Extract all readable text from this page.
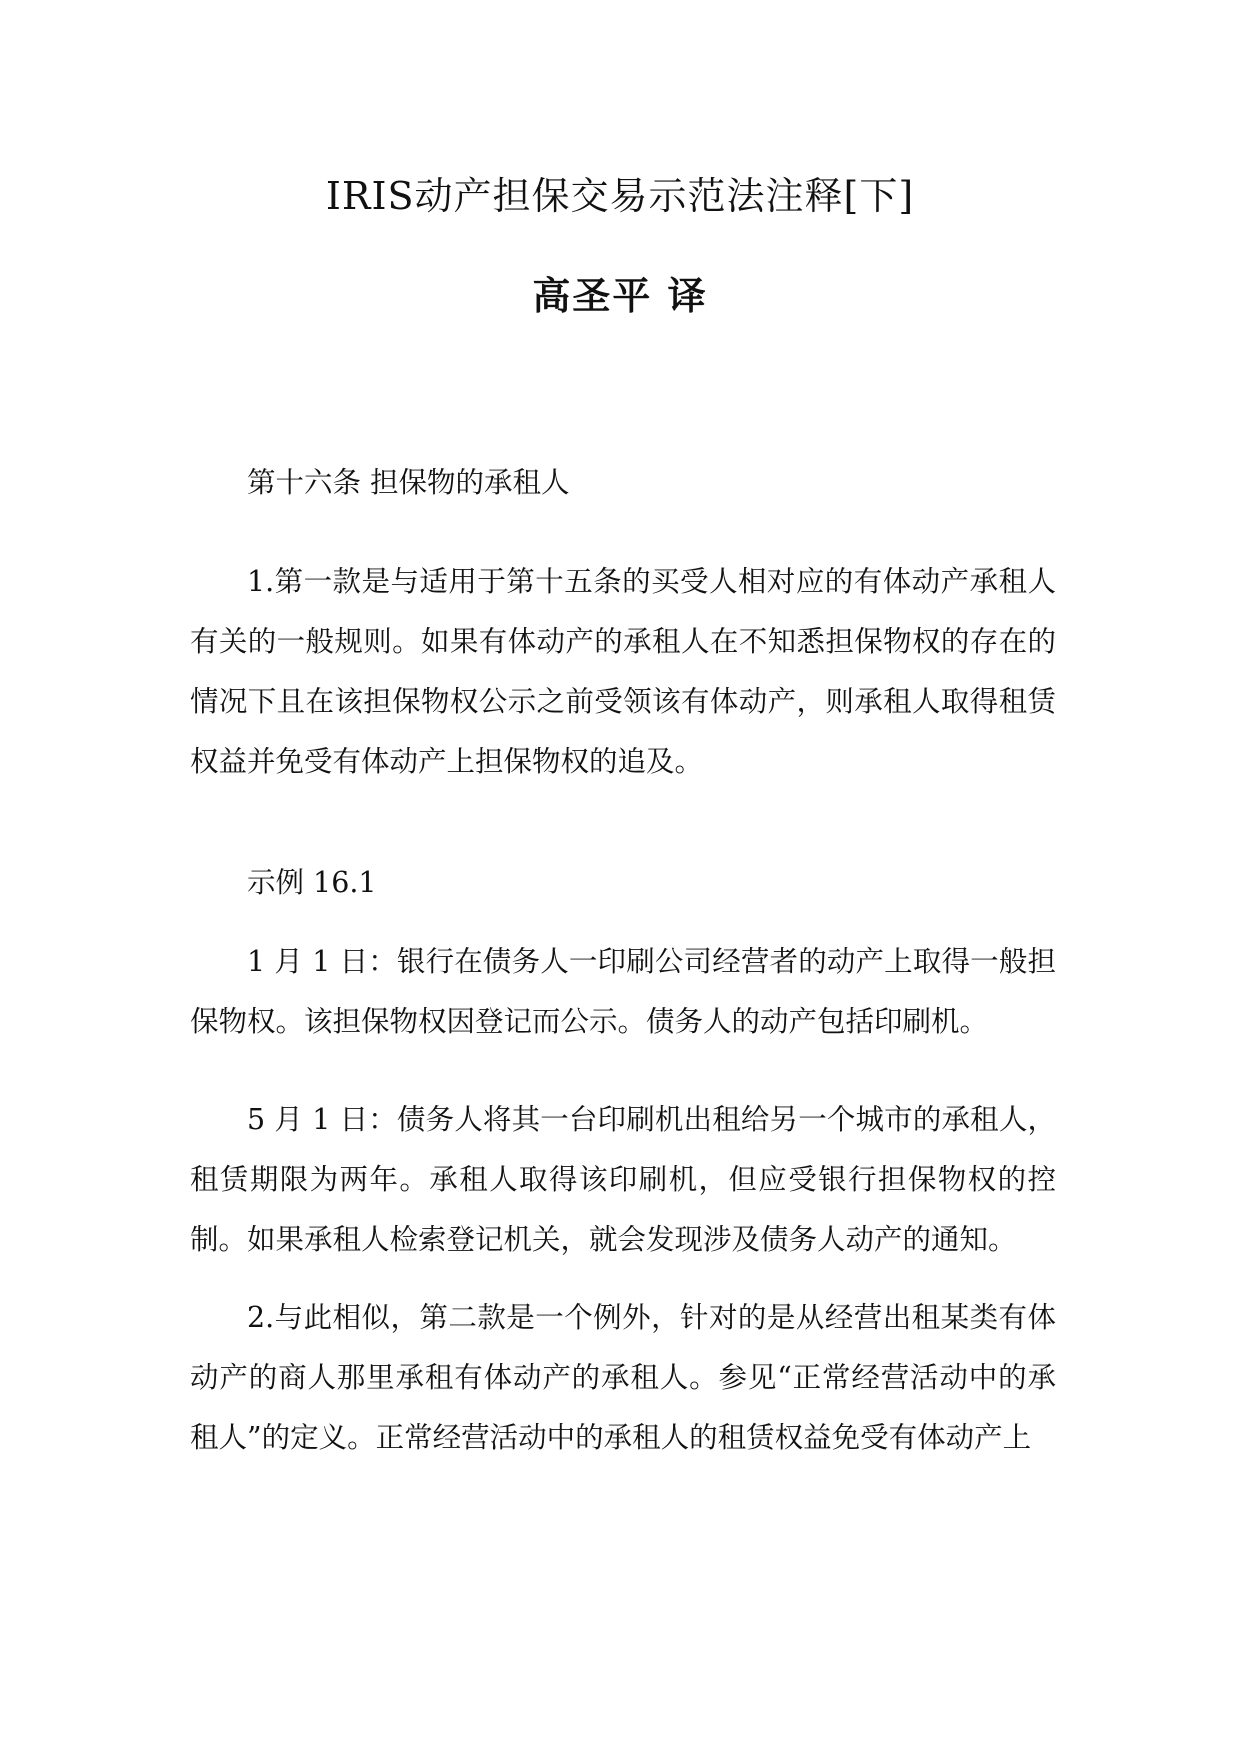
IRIS动产担保交易示范法注释[下]
高圣平 译

第十六条 担保物的承租人

1.第一款是与适用于第十五条的买受人相对应的有体动产承租人有关的一般规则。如果有体动产的承租人在不知悉担保物权的存在的情况下且在该担保物权公示之前受领该有体动产，则承租人取得租赁权益并免受有体动产上担保物权的追及。

示例 16.1

1 月 1 日：银行在债务人一印刷公司经营者的动产上取得一般担保物权。该担保物权因登记而公示。债务人的动产包括印刷机。

5 月 1 日：债务人将其一台印刷机出租给另一个城市的承租人，租赁期限为两年。承租人取得该印刷机，但应受银行担保物权的控制。如果承租人检索登记机关，就会发现涉及债务人动产的通知。

2.与此相似，第二款是一个例外，针对的是从经营出租某类有体动产的商人那里承租有体动产的承租人。参见“正常经营活动中的承租人”的定义。正常经营活动中的承租人的租赁权益免受有体动产上
